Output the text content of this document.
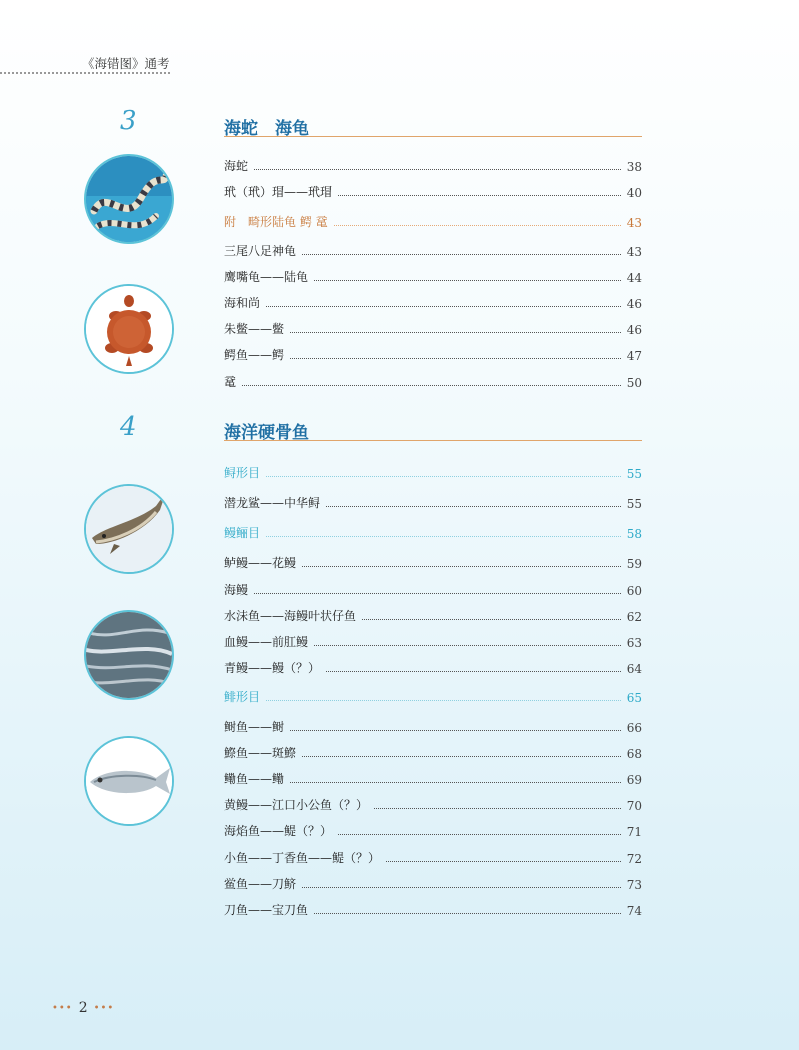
《海错图》通考
3	海蛇　海龟
海蛇	38
玳（玳）瑁——玳瑁	40
附　畸形陆龟 鳄 鼋	43
三尾八足神龟	43
鹰嘴龟——陆龟	44
海和尚	46
朱鳖——鳖	46
鳄鱼——鳄	47
鼋	50
4	海洋硬骨鱼
鲟形目	55
潜龙鲨——中华鲟	55
鳗鲡目	58
鲈鳗——花鳗	59
海鳗	60
水沫鱼——海鳗叶状仔鱼	62
血鳗——前肛鳗	63
青鳗——鳗（？）	64
鲱形目	65
鲥鱼——鲥	66
鰶鱼——斑鰶	68
鳓鱼——鳓	69
黄鳗——江口小公鱼（？）	70
海焰鱼——鳀（？）	71
小鱼——丁香鱼——鳀（？）	72
鲎鱼——刀鲚	73
刀鱼——宝刀鱼	74
••• 2 •••
